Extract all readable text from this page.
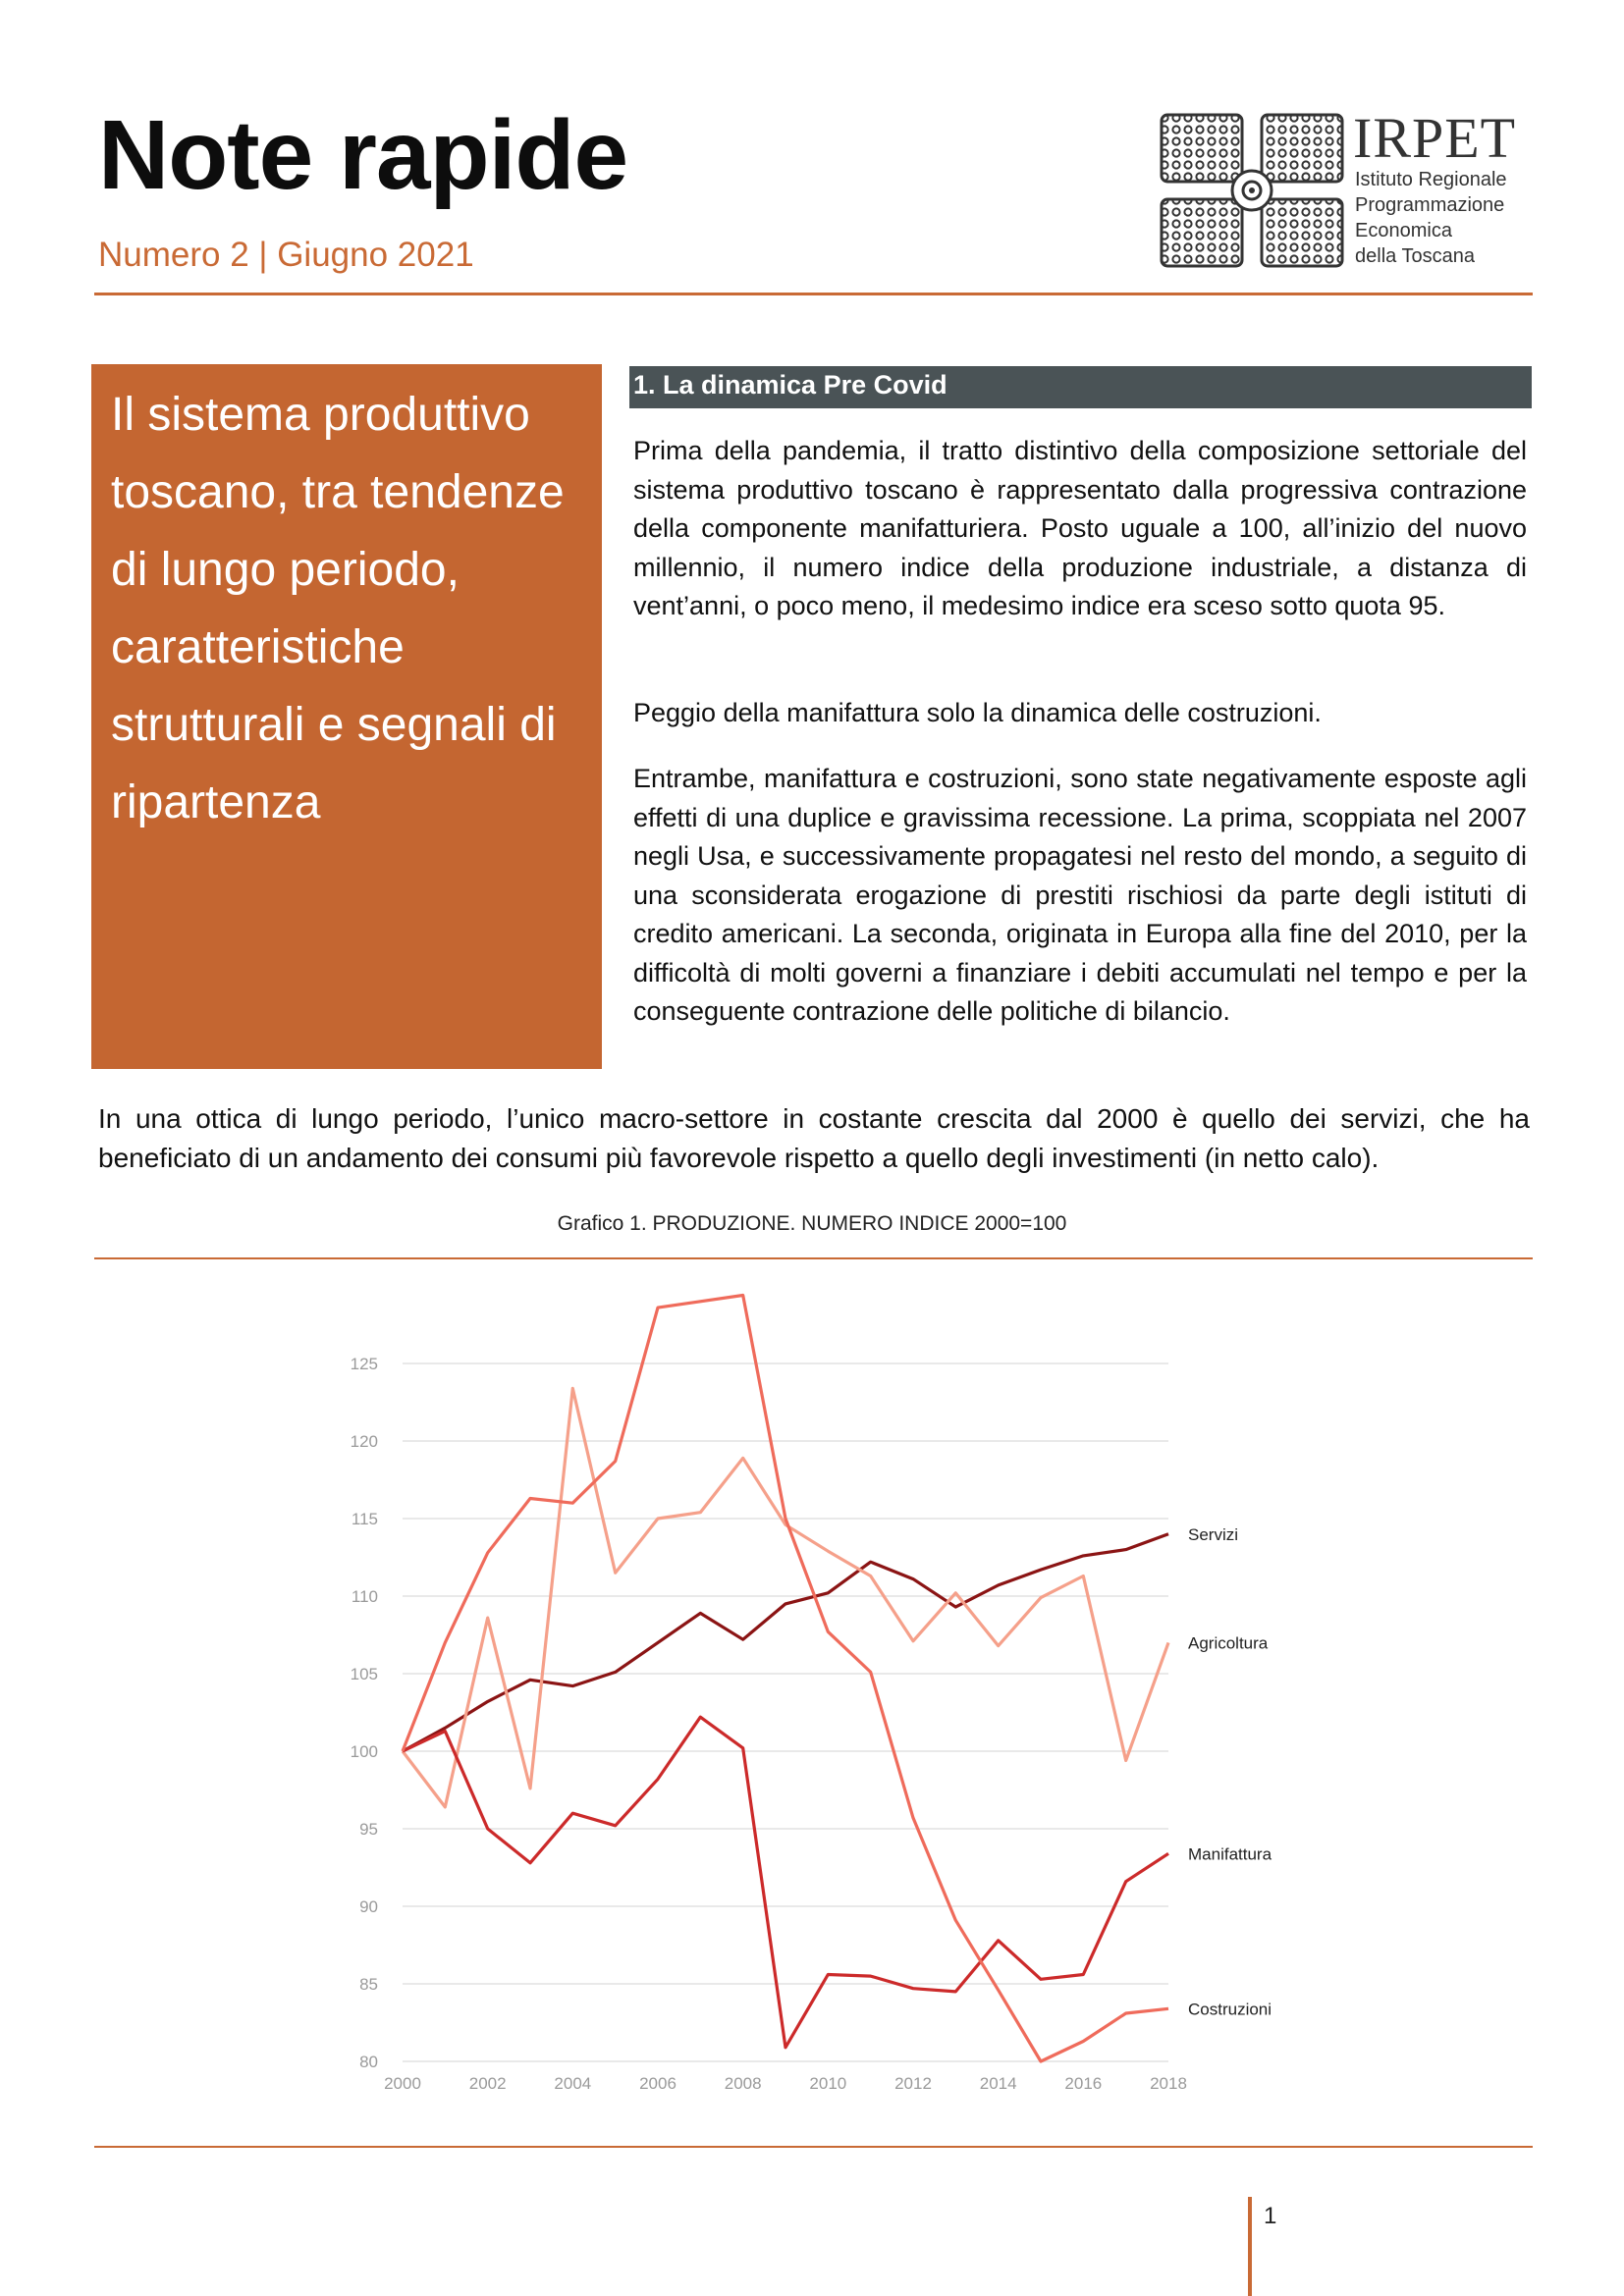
Note rapide
Numero 2 | Giugno 2021
IRPET
Istituto Regionale
Programmazione
Economica
della Toscana
Il sistema produttivo toscano, tra tendenze di lungo periodo, caratteristiche strutturali e segnali di ripartenza
1. La dinamica Pre Covid

Prima della pandemia, il tratto distintivo della composizione settoriale del sistema produttivo toscano è rappresentato dalla progressiva contrazione della componente manifatturiera. Posto uguale a 100, all’inizio del nuovo millennio, il numero indice della produzione industriale, a distanza di vent’anni, o poco meno, il medesimo indice era sceso sotto quota 95.

Peggio della manifattura solo la dinamica delle costruzioni.

Entrambe, manifattura e costruzioni, sono state negativamente esposte agli effetti di una duplice e gravissima recessione. La prima, scoppiata nel 2007 negli Usa, e successivamente propagatesi nel resto del mondo, a seguito di una sconsiderata erogazione di prestiti rischiosi da parte degli istituti di credito americani. La seconda, originata in Europa alla fine del 2010, per la difficoltà di molti governi a finanziare i debiti accumulati nel tempo e per la conseguente contrazione delle politiche di bilancio.

In una ottica di lungo periodo, l’unico macro-settore in costante crescita dal 2000 è quello dei servizi, che ha beneficiato di un andamento dei consumi più favorevole rispetto a quello degli investimenti (in netto calo).
Grafico 1. PRODUZIONE. NUMERO INDICE 2000=100
80
85
90
95
100
105
110
115
120
125
2000	2002	2004	2006	2008	2010	2012	2014	2016	2018
Servizi
Agricoltura
Manifattura
Costruzioni
1
